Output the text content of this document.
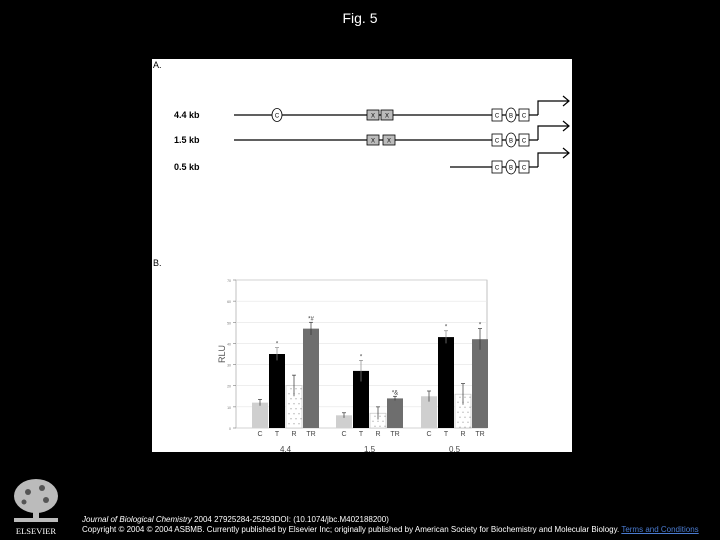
Fig. 5
A.
4.4 kb	C	X X	C B C
1.5 kb	X X	C B C
0.5 kb	C B C
B.
0
10
20
30
40
50
60
70
RLU
C
*
T R
*#
TR
4.4
C
*
T R
*&
TR
1.5
C
*
T R
*
TR
0.5
ELSEVIER
Journal of Biological Chemistry 2004 27925284-25293DOI: (10.1074/jbc.M402188200)
Copyright © 2004 © 2004 ASBMB. Currently published by Elsevier Inc; originally published by American Society for Biochemistry and Molecular Biology. Terms and Conditions
